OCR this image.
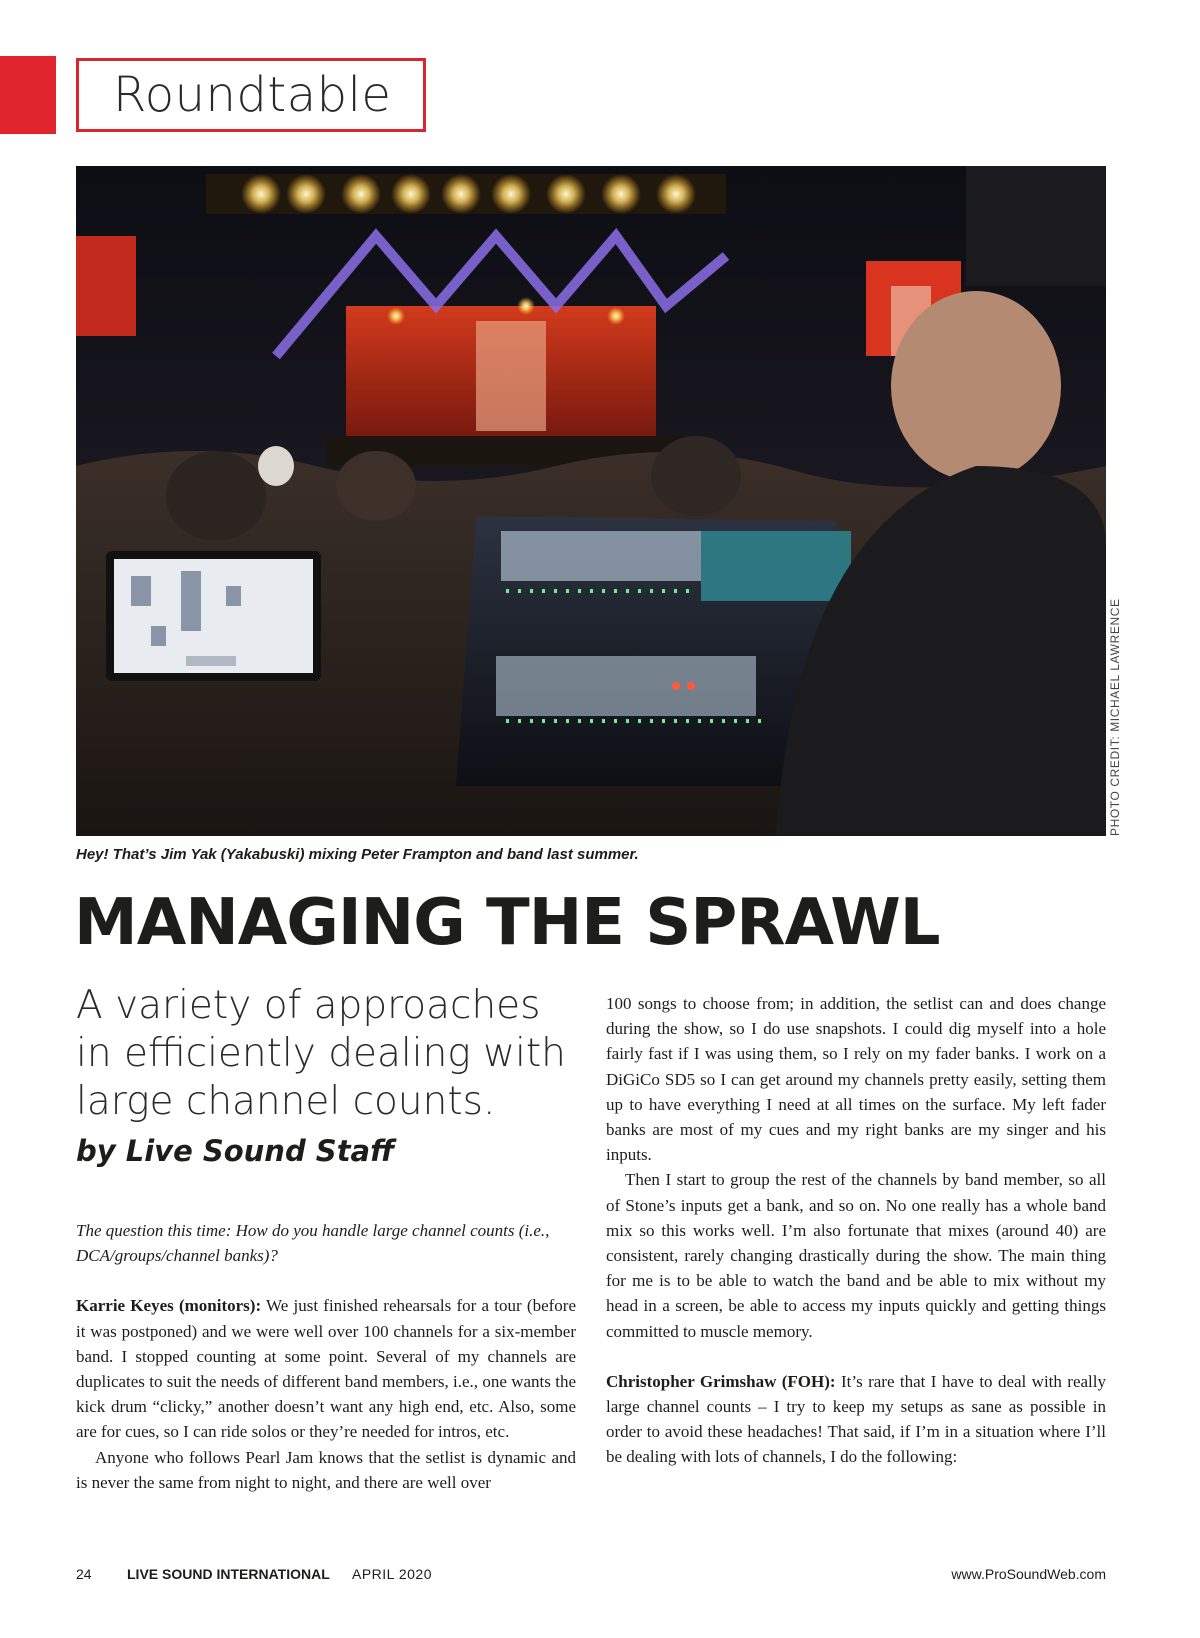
Roundtable
PHOTO CREDIT: MICHAEL LAWRENCE
Hey! That’s Jim Yak (Yakabuski) mixing Peter Frampton and band last summer.
MANAGING THE SPRAWL
A variety of approaches
in efficiently dealing with
large channel counts.
by Live Sound Staff

The question this time: How do you handle large channel counts (i.e., DCA/groups/channel banks)?

Karrie Keyes (monitors): We just finished rehearsals for a tour (before it was postponed) and we were well over 100 channels for a six-member band. I stopped counting at some point. Several of my channels are duplicates to suit the needs of different band members, i.e., one wants the kick drum “clicky,” another doesn’t want any high end, etc. Also, some are for cues, so I can ride solos or they’re needed for intros, etc.

Anyone who follows Pearl Jam knows that the setlist is dynamic and is never the same from night to night, and there are well over

100 songs to choose from; in addition, the setlist can and does change during the show, so I do use snapshots. I could dig myself into a hole fairly fast if I was using them, so I rely on my fader banks. I work on a DiGiCo SD5 so I can get around my channels pretty easily, setting them up to have everything I need at all times on the surface. My left fader banks are most of my cues and my right banks are my singer and his inputs.

Then I start to group the rest of the channels by band member, so all of Stone’s inputs get a bank, and so on. No one really has a whole band mix so this works well. I’m also fortunate that mixes (around 40) are consistent, rarely changing drastically during the show. The main thing for me is to be able to watch the band and be able to mix without my head in a screen, be able to access my inputs quickly and getting things committed to muscle memory.

Christopher Grimshaw (FOH): It’s rare that I have to deal with really large channel counts – I try to keep my setups as sane as possible in order to avoid these headaches! That said, if I’m in a situation where I’ll be dealing with lots of channels, I do the following:

24	LIVE SOUND INTERNATIONAL APRIL 2020	www.ProSoundWeb.com
